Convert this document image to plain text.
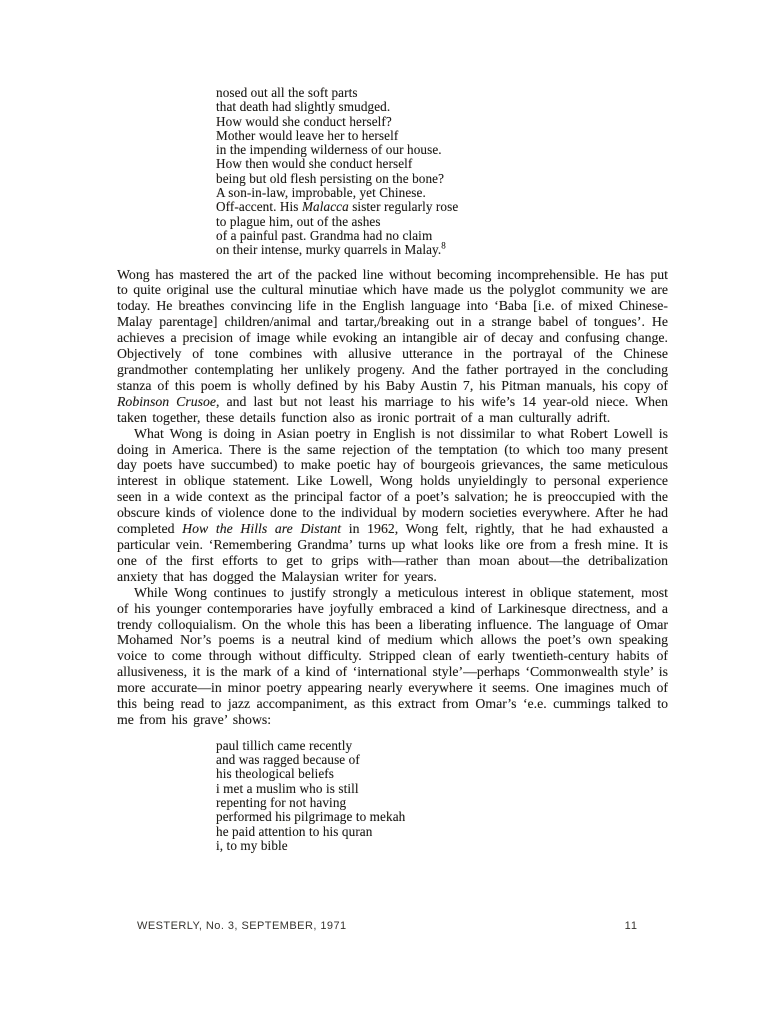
nosed out all the soft parts
that death had slightly smudged.
How would she conduct herself?
Mother would leave her to herself
in the impending wilderness of our house.
How then would she conduct herself
being but old flesh persisting on the bone?
A son-in-law, improbable, yet Chinese.
Off-accent. His Malacca sister regularly rose
to plague him, out of the ashes
of a painful past. Grandma had no claim
on their intense, murky quarrels in Malay.$^8$

Wong has mastered the art of the packed line without becoming incomprehensible. He has put to quite original use the cultural minutiae which have made us the polyglot community we are today. He breathes convincing life in the English language into ‘Baba [i.e. of mixed Chinese-Malay parentage] children/animal and tartar,/breaking out in a strange babel of tongues’. He achieves a precision of image while evoking an intangible air of decay and confusing change. Objectively of tone combines with allusive utterance in the portrayal of the Chinese grandmother contemplating her unlikely progeny. And the father portrayed in the concluding stanza of this poem is wholly defined by his Baby Austin 7, his Pitman manuals, his copy of Robinson Crusoe, and last but not least his marriage to his wife’s 14 year-old niece. When taken together, these details function also as ironic portrait of a man culturally adrift.

What Wong is doing in Asian poetry in English is not dissimilar to what Robert Lowell is doing in America. There is the same rejection of the temptation (to which too many present day poets have succumbed) to make poetic hay of bourgeois grievances, the same meticulous interest in oblique statement. Like Lowell, Wong holds unyieldingly to personal experience seen in a wide context as the principal factor of a poet’s salvation; he is preoccupied with the obscure kinds of violence done to the individual by modern societies everywhere. After he had completed How the Hills are Distant in 1962, Wong felt, rightly, that he had exhausted a particular vein. ‘Remembering Grandma’ turns up what looks like ore from a fresh mine. It is one of the first efforts to get to grips with—rather than moan about—the detribalization anxiety that has dogged the Malaysian writer for years.

While Wong continues to justify strongly a meticulous interest in oblique statement, most of his younger contemporaries have joyfully embraced a kind of Larkinesque directness, and a trendy colloquialism. On the whole this has been a liberating influence. The language of Omar Mohamed Nor’s poems is a neutral kind of medium which allows the poet’s own speaking voice to come through without difficulty. Stripped clean of early twentieth-century habits of allusiveness, it is the mark of a kind of ‘international style’—perhaps ‘Commonwealth style’ is more accurate—in minor poetry appearing nearly everywhere it seems. One imagines much of this being read to jazz accompaniment, as this extract from Omar’s ‘e.e. cummings talked to me from his grave’ shows:

paul tillich came recently
and was ragged because of
his theological beliefs
i met a muslim who is still
repenting for not having
performed his pilgrimage to mekah
he paid attention to his quran
i, to my bible
WESTERLY, No. 3, SEPTEMBER, 1971	11
